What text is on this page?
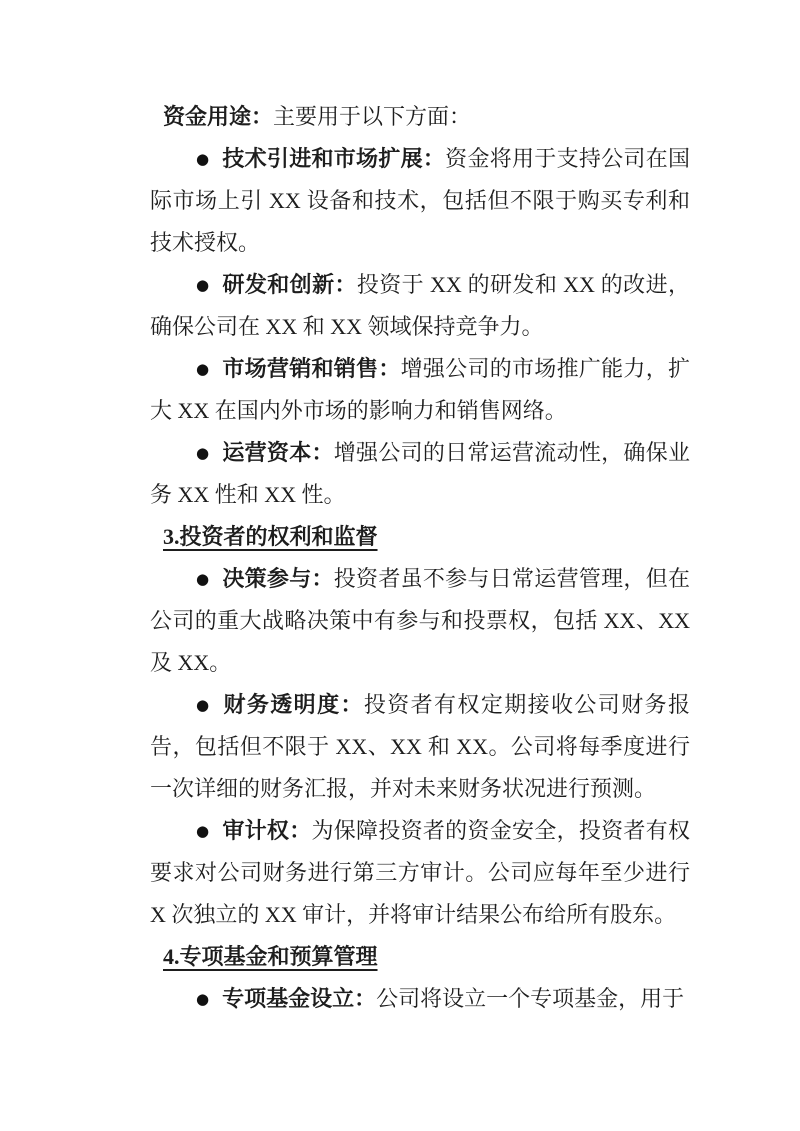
资金用途：主要用于以下方面：

● 技术引进和市场扩展：资金将用于支持公司在国际市场上引 XX 设备和技术，包括但不限于购买专利和技术授权。

● 研发和创新：投资于 XX 的研发和 XX 的改进，确保公司在 XX 和 XX 领域保持竞争力。

● 市场营销和销售：增强公司的市场推广能力，扩大 XX 在国内外市场的影响力和销售网络。

● 运营资本：增强公司的日常运营流动性，确保业务 XX 性和 XX 性。

3.投资者的权利和监督

● 决策参与：投资者虽不参与日常运营管理，但在公司的重大战略决策中有参与和投票权，包括 XX、XX 及 XX。

● 财务透明度：投资者有权定期接收公司财务报告，包括但不限于 XX、XX 和 XX。公司将每季度进行一次详细的财务汇报，并对未来财务状况进行预测。

● 审计权：为保障投资者的资金安全，投资者有权要求对公司财务进行第三方审计。公司应每年至少进行 X 次独立的 XX 审计，并将审计结果公布给所有股东。

4.专项基金和预算管理

● 专项基金设立：公司将设立一个专项基金，用于
